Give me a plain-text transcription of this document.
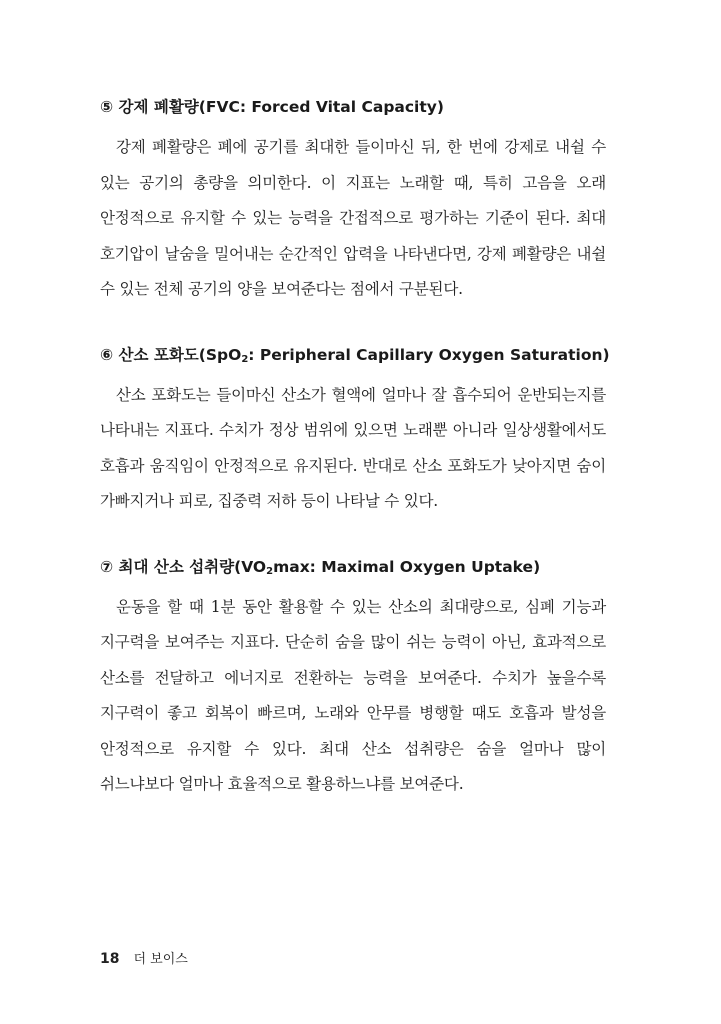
⑤ 강제 폐활량(FVC: Forced Vital Capacity)

강제 폐활량은 폐에 공기를 최대한 들이마신 뒤, 한 번에 강제로 내쉴 수 있는 공기의 총량을 의미한다. 이 지표는 노래할 때, 특히 고음을 오래 안정적으로 유지할 수 있는 능력을 간접적으로 평가하는 기준이 된다. 최대 호기압이 날숨을 밀어내는 순간적인 압력을 나타낸다면, 강제 폐활량은 내쉴 수 있는 전체 공기의 양을 보여준다는 점에서 구분된다.

⑥ 산소 포화도(SpO$_2$: Peripheral Capillary Oxygen Saturation)

산소 포화도는 들이마신 산소가 혈액에 얼마나 잘 흡수되어 운반되는지를 나타내는 지표다. 수치가 정상 범위에 있으면 노래뿐 아니라 일상생활에서도 호흡과 움직임이 안정적으로 유지된다. 반대로 산소 포화도가 낮아지면 숨이 가빠지거나 피로, 집중력 저하 등이 나타날 수 있다.

⑦ 최대 산소 섭취량($VO_2\max$: Maximal Oxygen Uptake)

운동을 할 때 1분 동안 활용할 수 있는 산소의 최대량으로, 심폐 기능과 지구력을 보여주는 지표다. 단순히 숨을 많이 쉬는 능력이 아닌, 효과적으로 산소를 전달하고 에너지로 전환하는 능력을 보여준다. 수치가 높을수록 지구력이 좋고 회복이 빠르며, 노래와 안무를 병행할 때도 호흡과 발성을 안정적으로 유지할 수 있다. 최대 산소 섭취량은 숨을 얼마나 많이 쉬느냐보다 얼마나 효율적으로 활용하느냐를 보여준다.

18 더 보이스
